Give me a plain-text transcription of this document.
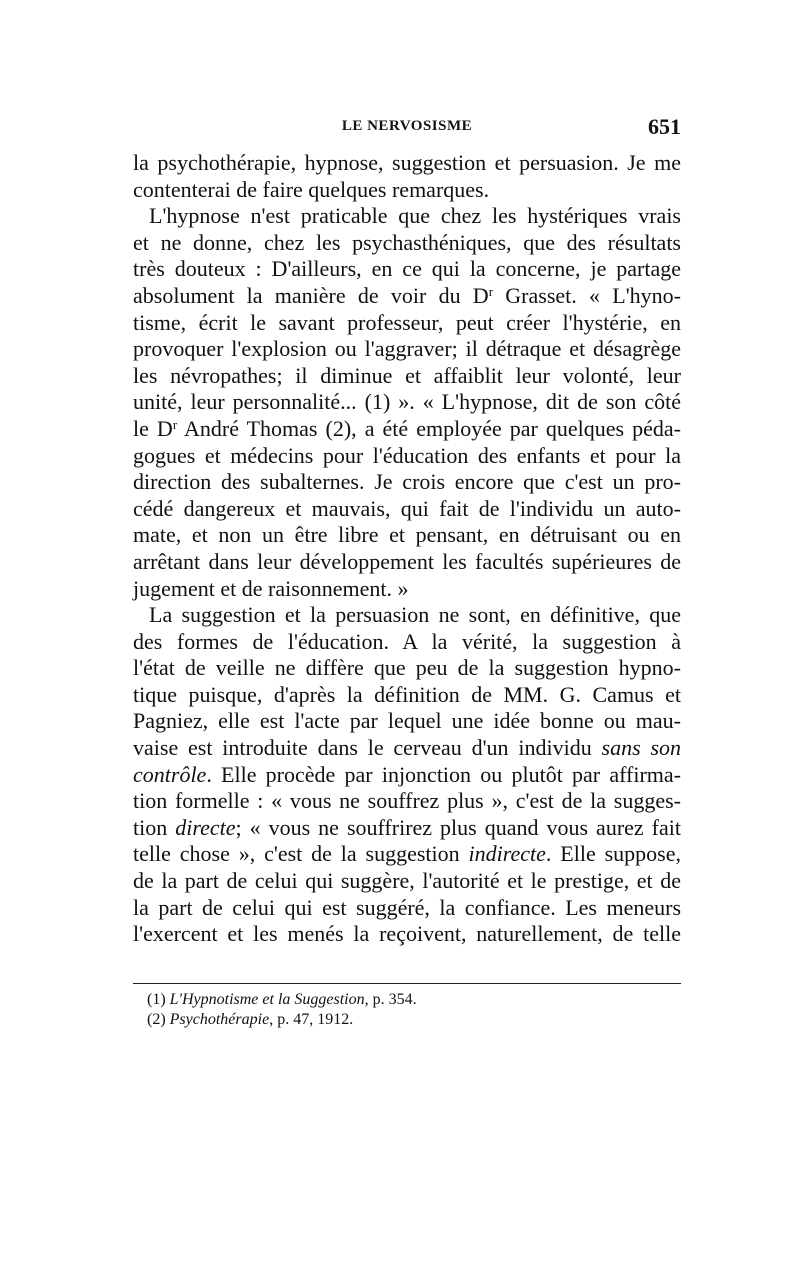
LE NERVOSISME	651
la psychothérapie, hypnose, suggestion et persuasion. Je me
contenterai de faire quelques remarques.
L'hypnose n'est praticable que chez les hystériques vrais
et ne donne, chez les psychasthéniques, que des résultats
très douteux : D'ailleurs, en ce qui la concerne, je partage
absolument la manière de voir du $D^r$ Grasset. « L'hyno-
tisme, écrit le savant professeur, peut créer l'hystérie, en
provoquer l'explosion ou l'aggraver; il détraque et désagrège
les névropathes; il diminue et affaiblit leur volonté, leur
unité, leur personnalité... (1) ». « L'hypnose, dit de son côté
le $D^r$ André Thomas (2), a été employée par quelques péda-
gogues et médecins pour l'éducation des enfants et pour la
direction des subalternes. Je crois encore que c'est un pro-
cédé dangereux et mauvais, qui fait de l'individu un auto-
mate, et non un être libre et pensant, en détruisant ou en
arrêtant dans leur développement les facultés supérieures de
jugement et de raisonnement. »
La suggestion et la persuasion ne sont, en définitive, que
des formes de l'éducation. A la vérité, la suggestion à
l'état de veille ne diffère que peu de la suggestion hypno-
tique puisque, d'après la définition de MM. G. Camus et
Pagniez, elle est l'acte par lequel une idée bonne ou mau-
vaise est introduite dans le cerveau d'un individu sans son
contrôle. Elle procède par injonction ou plutôt par affirma-
tion formelle : « vous ne souffrez plus », c'est de la sugges-
tion directe; « vous ne souffrirez plus quand vous aurez fait
telle chose », c'est de la suggestion indirecte. Elle suppose,
de la part de celui qui suggère, l'autorité et le prestige, et de
la part de celui qui est suggéré, la confiance. Les meneurs
l'exercent et les menés la reçoivent, naturellement, de telle
(1) L'Hypnotisme et la Suggestion, p. 354.
(2) Psychothérapie, p. 47, 1912.
